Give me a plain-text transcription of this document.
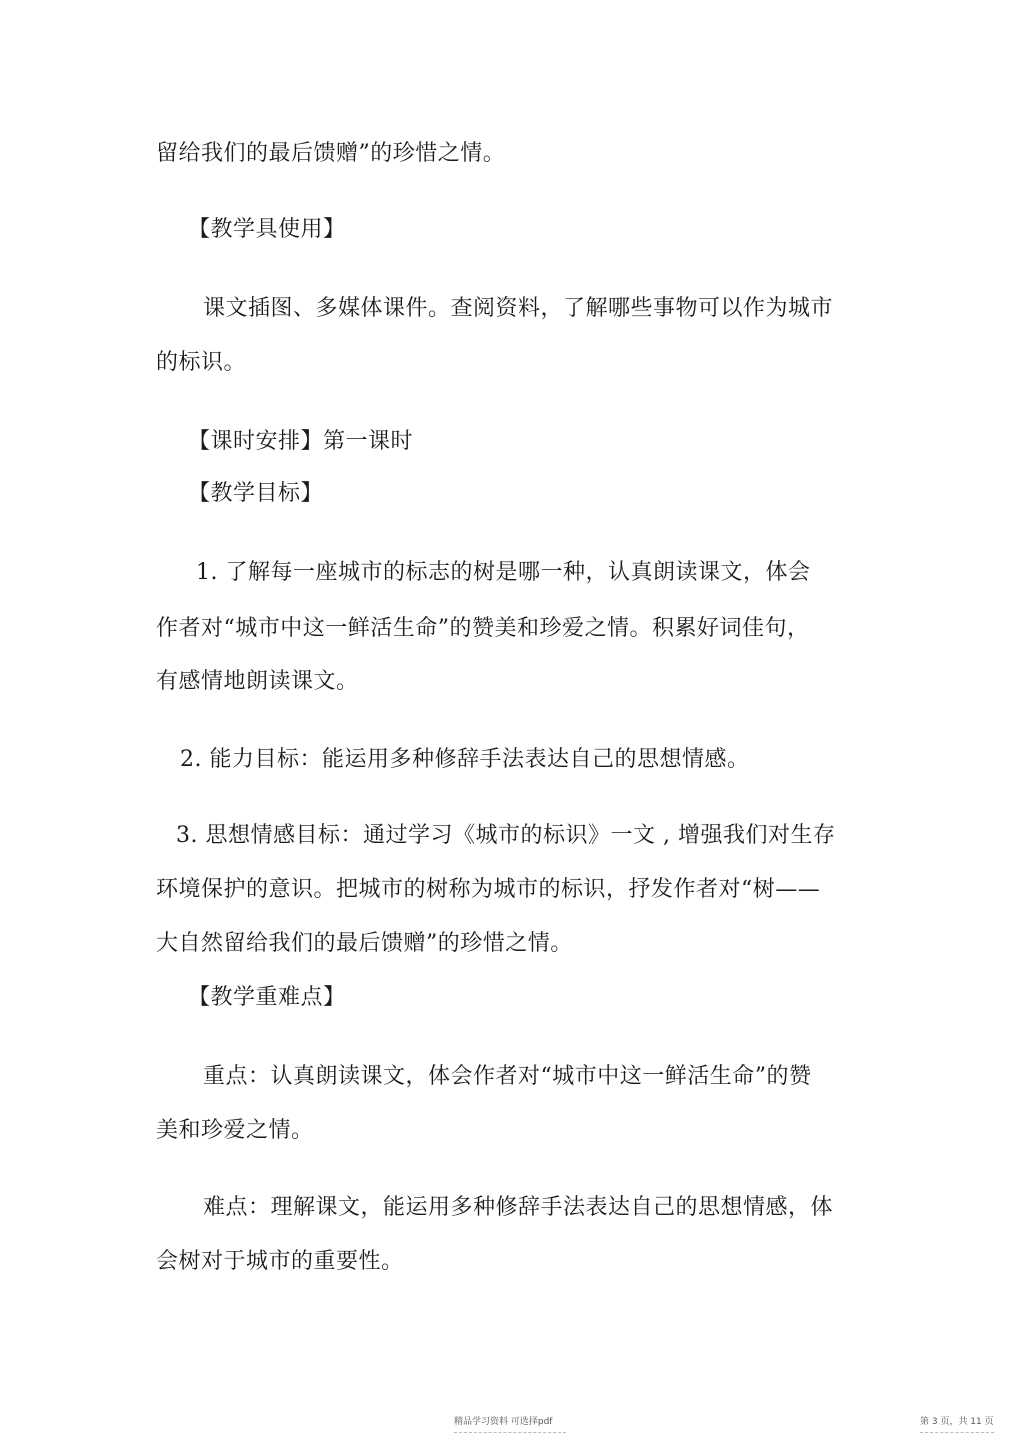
留给我们的最后馈赠”的珍惜之情。
【教学具使用】
课文插图、多媒体课件。查阅资料，了解哪些事物可以作为城市
的标识。
【课时安排】第一课时
【教学目标】
1. 了解每一座城市的标志的树是哪一种，认真朗读课文，体会
作者对“城市中这一鲜活生命”的赞美和珍爱之情。积累好词佳句，
有感情地朗读课文。
2. 能力目标：能运用多种修辞手法表达自己的思想情感。
3. 思想情感目标：通过学习《城市的标识》一文 , 增强我们对生存
环境保护的意识。把城市的树称为城市的标识，抒发作者对“树——
大自然留给我们的最后馈赠”的珍惜之情。
【教学重难点】
重点：认真朗读课文，体会作者对“城市中这一鲜活生命”的赞
美和珍爱之情。
难点：理解课文，能运用多种修辞手法表达自己的思想情感，体
会树对于城市的重要性。
精品学习资料 可选择pdf	第 3 页，共 11 页
